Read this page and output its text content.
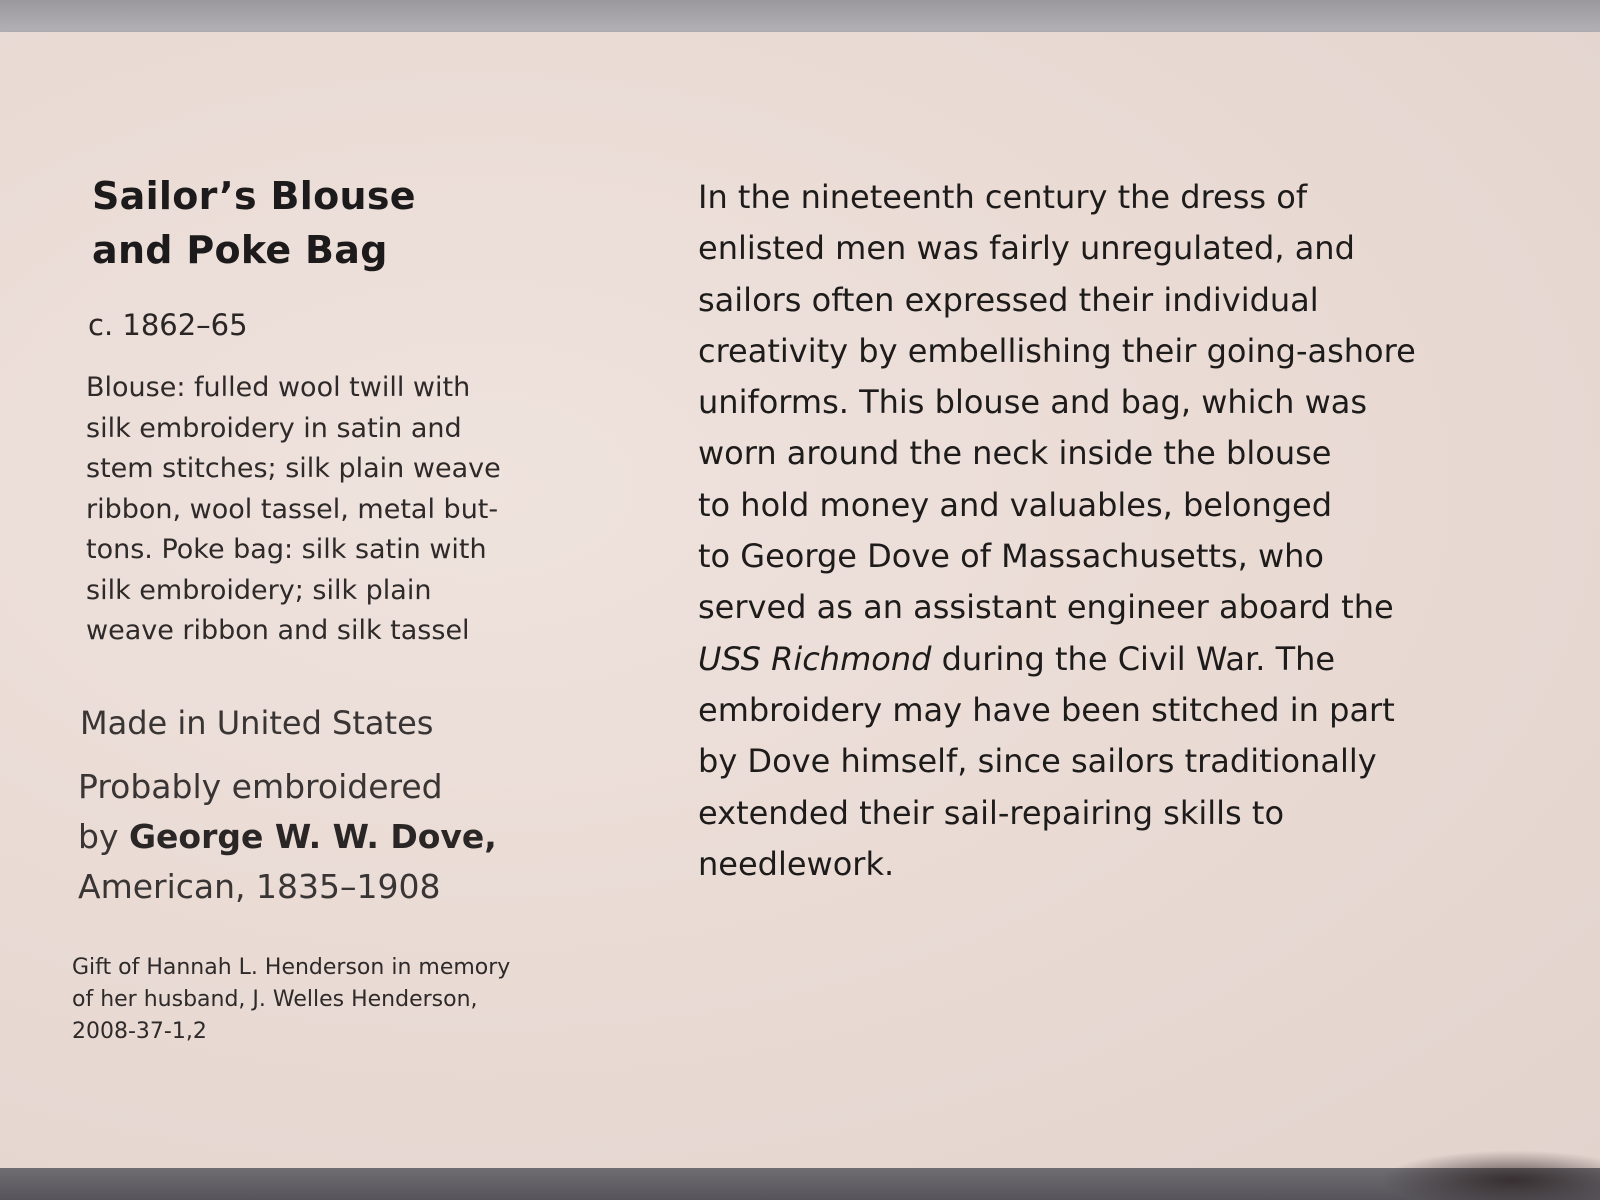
Sailor’s Blouse
and Poke Bag
c. 1862–65
Blouse: fulled wool twill with
silk embroidery in satin and
stem stitches; silk plain weave
ribbon, wool tassel, metal but-
tons. Poke bag: silk satin with
silk embroidery; silk plain
weave ribbon and silk tassel
Made in United States
Probably embroidered
by George W. W. Dove,
American, 1835–1908
Gift of Hannah L. Henderson in memory
of her husband, J. Welles Henderson,
2008-37-1,2
In the nineteenth century the dress of
enlisted men was fairly unregulated, and
sailors often expressed their individual
creativity by embellishing their going-ashore
uniforms. This blouse and bag, which was
worn around the neck inside the blouse
to hold money and valuables, belonged
to George Dove of Massachusetts, who
served as an assistant engineer aboard the
USS Richmond during the Civil War. The
embroidery may have been stitched in part
by Dove himself, since sailors traditionally
extended their sail-repairing skills to
needlework.
